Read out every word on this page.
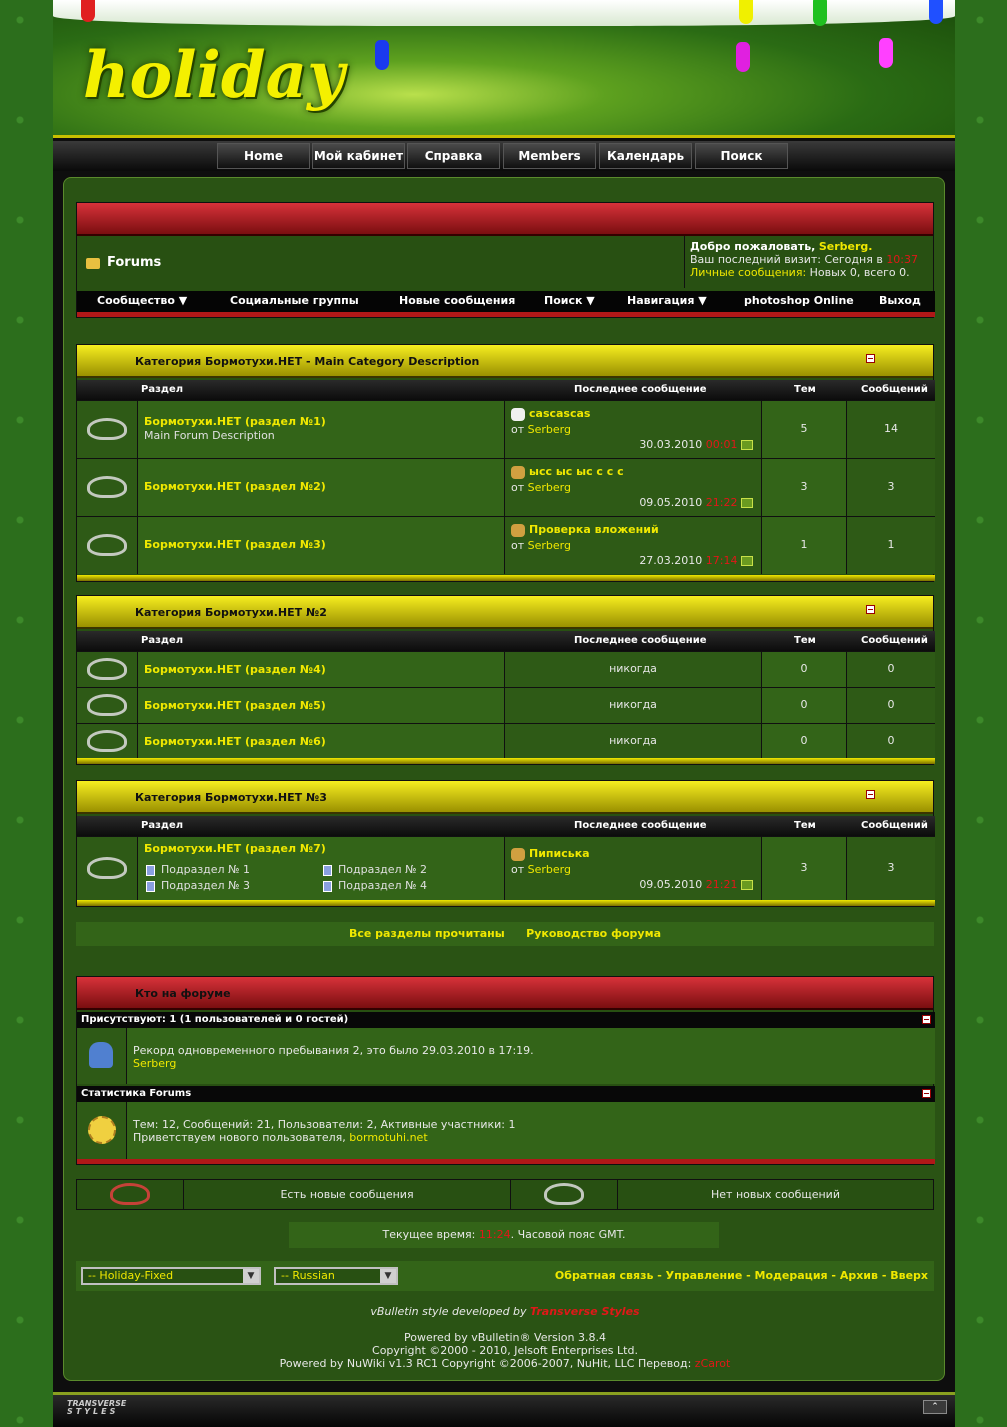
holiday
Home	Мой кабинет	Справка	Members	Календарь	Поиск
Forums
Добро пожаловать, Serberg.
Ваш последний визит: Сегодня в 10:37
Личные сообщения: Новых 0, всего 0.
Сообщество ▼	Социальные группы	Новые сообщения	Поиск ▼	Навигация ▼	photoshop Online Выход
Категория Бормотухи.НЕТ - Main Category Description
Раздел	Последнее сообщение	Тем	Сообщений
Бормотухи.НЕТ (раздел №1)
Main Forum Description
cascascas
от Serberg
30.03.2010 00:01
5	14
Бормотухи.НЕТ (раздел №2)
ысс ыс ыс с с с
от Serberg
09.05.2010 21:22
3	3
Бормотухи.НЕТ (раздел №3)
Проверка вложений
от Serberg
27.03.2010 17:14
1	1
Категория Бормотухи.НЕТ №2
Раздел	Последнее сообщение	Тем	Сообщений
Бормотухи.НЕТ (раздел №4)	никогда	0	0
Бормотухи.НЕТ (раздел №5)	никогда	0	0
Бормотухи.НЕТ (раздел №6)	никогда	0	0
Категория Бормотухи.НЕТ №3
Раздел	Последнее сообщение	Тем	Сообщений
Бормотухи.НЕТ (раздел №7)
Подраздел № 1	Подраздел № 2
Подраздел № 3	Подраздел № 4
Пиписька
от Serberg
09.05.2010 21:21
3	3
Все разделы прочитаны Руководство форума
Кто на форуме
Присутствуют: 1 (1 пользователей и 0 гостей)
Рекорд одновременного пребывания 2, это было 29.03.2010 в 17:19.
Serberg
Статистика Forums
Тем: 12, Сообщений: 21, Пользователи: 2, Активные участники: 1
Приветствуем нового пользователя, bormotuhi.net
Есть новые сообщения	Нет новых сообщений
Текущее время: 11:24. Часовой пояс GMT.
-- Holiday-Fixed ▼	-- Russian ▼	Обратная связь - Управление - Модерация - Архив - Вверх
vBulletin style developed by Transverse Styles
Powered by vBulletin® Version 3.8.4
Copyright ©2000 - 2010, Jelsoft Enterprises Ltd.
Powered by NuWiki v1.3 RC1 Copyright ©2006-2007, NuHit, LLC Перевод: zCarot
TRANSVERSE
STYLES	⌃
